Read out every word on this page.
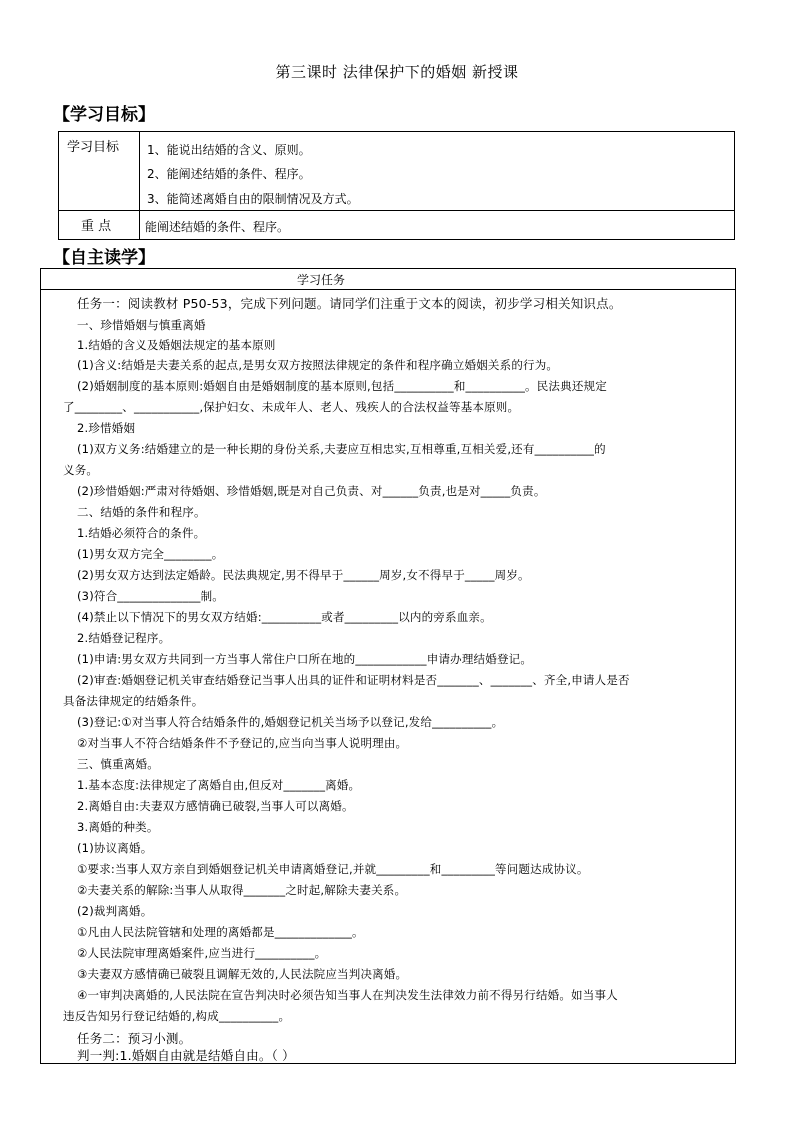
第三课时 法律保护下的婚姻 新授课
【学习目标】
学习目标 1、能说出结婚的含义、原则。
2、能阐述结婚的条件、程序。
3、能简述离婚自由的限制情况及方式。
重 点	能阐述结婚的条件、程序。
【自主读学】
学习任务
任务一：阅读教材 P50-53，完成下列问题。请同学们注重于文本的阅读，初步学习相关知识点。
一、珍惜婚姻与慎重离婚
1.结婚的含义及婚姻法规定的基本原则
(1)含义:结婚是夫妻关系的起点,是男女双方按照法律规定的条件和程序确立婚姻关系的行为。
(2)婚姻制度的基本原则:婚姻自由是婚姻制度的基本原则,包括__________和__________。民法典还规定
了________、___________,保护妇女、未成年人、老人、残疾人的合法权益等基本原则。
2.珍惜婚姻
(1)双方义务:结婚建立的是一种长期的身份关系,夫妻应互相忠实,互相尊重,互相关爱,还有__________的
义务。
(2)珍惜婚姻:严肃对待婚姻、珍惜婚姻,既是对自己负责、对______负责,也是对_____负责。
二、结婚的条件和程序。
1.结婚必须符合的条件。
(1)男女双方完全________。
(2)男女双方达到法定婚龄。民法典规定,男不得早于______周岁,女不得早于_____周岁。
(3)符合______________制。
(4)禁止以下情况下的男女双方结婚:__________或者_________以内的旁系血亲。
2.结婚登记程序。
(1)申请:男女双方共同到一方当事人常住户口所在地的____________申请办理结婚登记。
(2)审查:婚姻登记机关审查结婚登记当事人出具的证件和证明材料是否_______、_______、齐全,申请人是否
具备法律规定的结婚条件。
(3)登记:①对当事人符合结婚条件的,婚姻登记机关当场予以登记,发给__________。
②对当事人不符合结婚条件不予登记的,应当向当事人说明理由。
三、慎重离婚。
1.基本态度:法律规定了离婚自由,但反对_______离婚。
2.离婚自由:夫妻双方感情确已破裂,当事人可以离婚。
3.离婚的种类。
(1)协议离婚。
①要求:当事人双方亲自到婚姻登记机关申请离婚登记,并就_________和_________等问题达成协议。
②夫妻关系的解除:当事人从取得_______之时起,解除夫妻关系。
(2)裁判离婚。
①凡由人民法院管辖和处理的离婚都是_____________。
②人民法院审理离婚案件,应当进行__________。
③夫妻双方感情确已破裂且调解无效的,人民法院应当判决离婚。
④一审判决离婚的,人民法院在宣告判决时必须告知当事人在判决发生法律效力前不得另行结婚。如当事人
违反告知另行登记结婚的,构成__________。
任务二：预习小测。
判一判:1.婚姻自由就是结婚自由。（ ）
